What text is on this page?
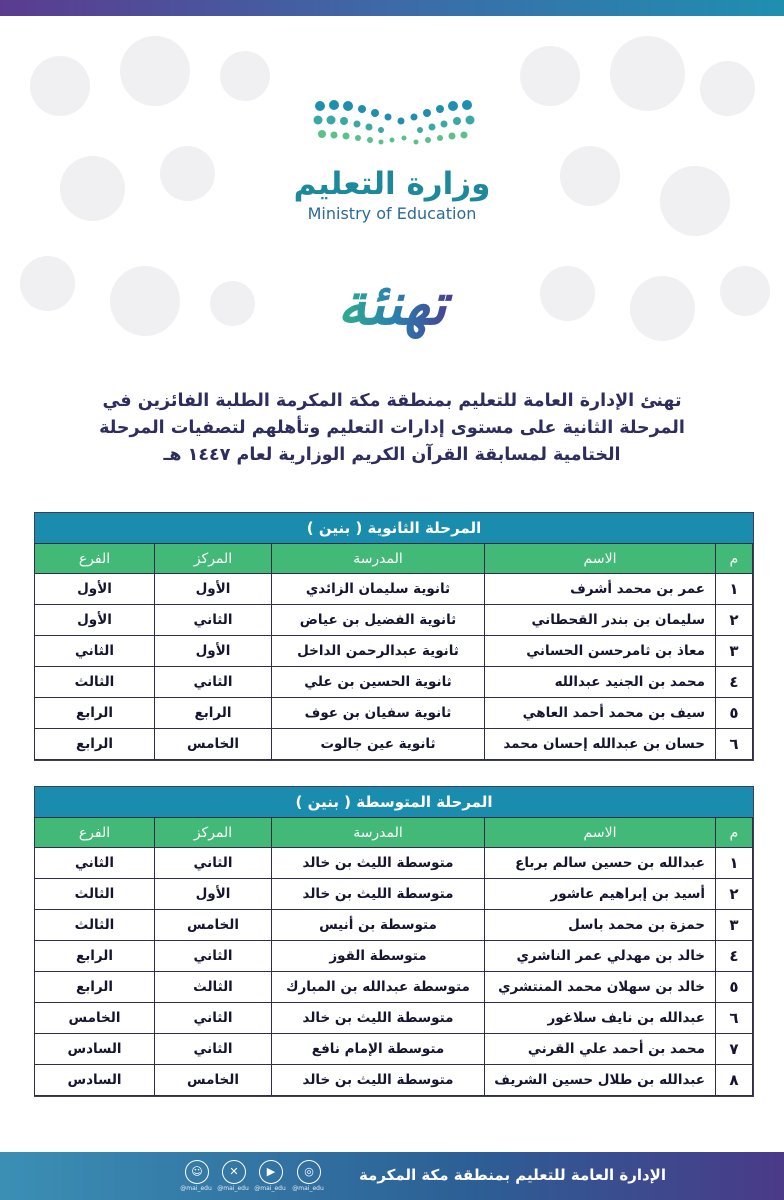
وزارة التعليم
Ministry of Education
تهنئة
تهنئ الإدارة العامة للتعليم بمنطقة مكة المكرمة الطلبة الفائزين في
المرحلة الثانية على مستوى إدارات التعليم وتأهلهم لتصفيات المرحلة
الختامية لمسابقة القرآن الكريم الوزارية لعام ١٤٤٧ هـ
المرحلة الثانوية ( بنين )
م	الاسم	المدرسة	المركز	الفرع
١	عمر بن محمد أشرف	ثانوية سليمان الزائدي	الأول	الأول
٢	سليمان بن بندر القحطاني	ثانوية الفضيل بن عياض	الثاني	الأول
٣	معاذ بن ثامرحسن الحساني	ثانوية عبدالرحمن الداخل	الأول	الثاني
٤	محمد بن الجنيد عبدالله	ثانوية الحسين بن علي	الثاني	الثالث
٥	سيف بن محمد أحمد العاهي	ثانوية سفيان بن عوف	الرابع	الرابع
٦	حسان بن عبدالله إحسان محمد	ثانوية عين جالوت	الخامس	الرابع
المرحلة المتوسطة ( بنين )
م	الاسم	المدرسة	المركز	الفرع
١	عبدالله بن حسين سالم برباع	متوسطة الليث بن خالد	الثاني	الثاني
٢	أسيد بن إبراهيم عاشور	متوسطة الليث بن خالد	الأول	الثالث
٣	حمزة بن محمد باسل	متوسطة بن أنيس	الخامس	الثالث
٤	خالد بن مهدلي عمر الناشري	متوسطة القوز	الثاني	الرابع
٥	خالد بن سهلان محمد المنتشري	متوسطة عبدالله بن المبارك	الثالث	الرابع
٦	عبدالله بن نايف سلاغور	متوسطة الليث بن خالد	الثاني	الخامس
٧	محمد بن أحمد علي القرني	متوسطة الإمام نافع	الثاني	السادس
٨	عبدالله بن طلال حسين الشريف	متوسطة الليث بن خالد	الخامس	السادس
الإدارة العامة للتعليم بمنطقة مكة المكرمة
◎
@mai_edu
▶
@mai_edu
✕
@mai_edu
☺
@mai_edu
